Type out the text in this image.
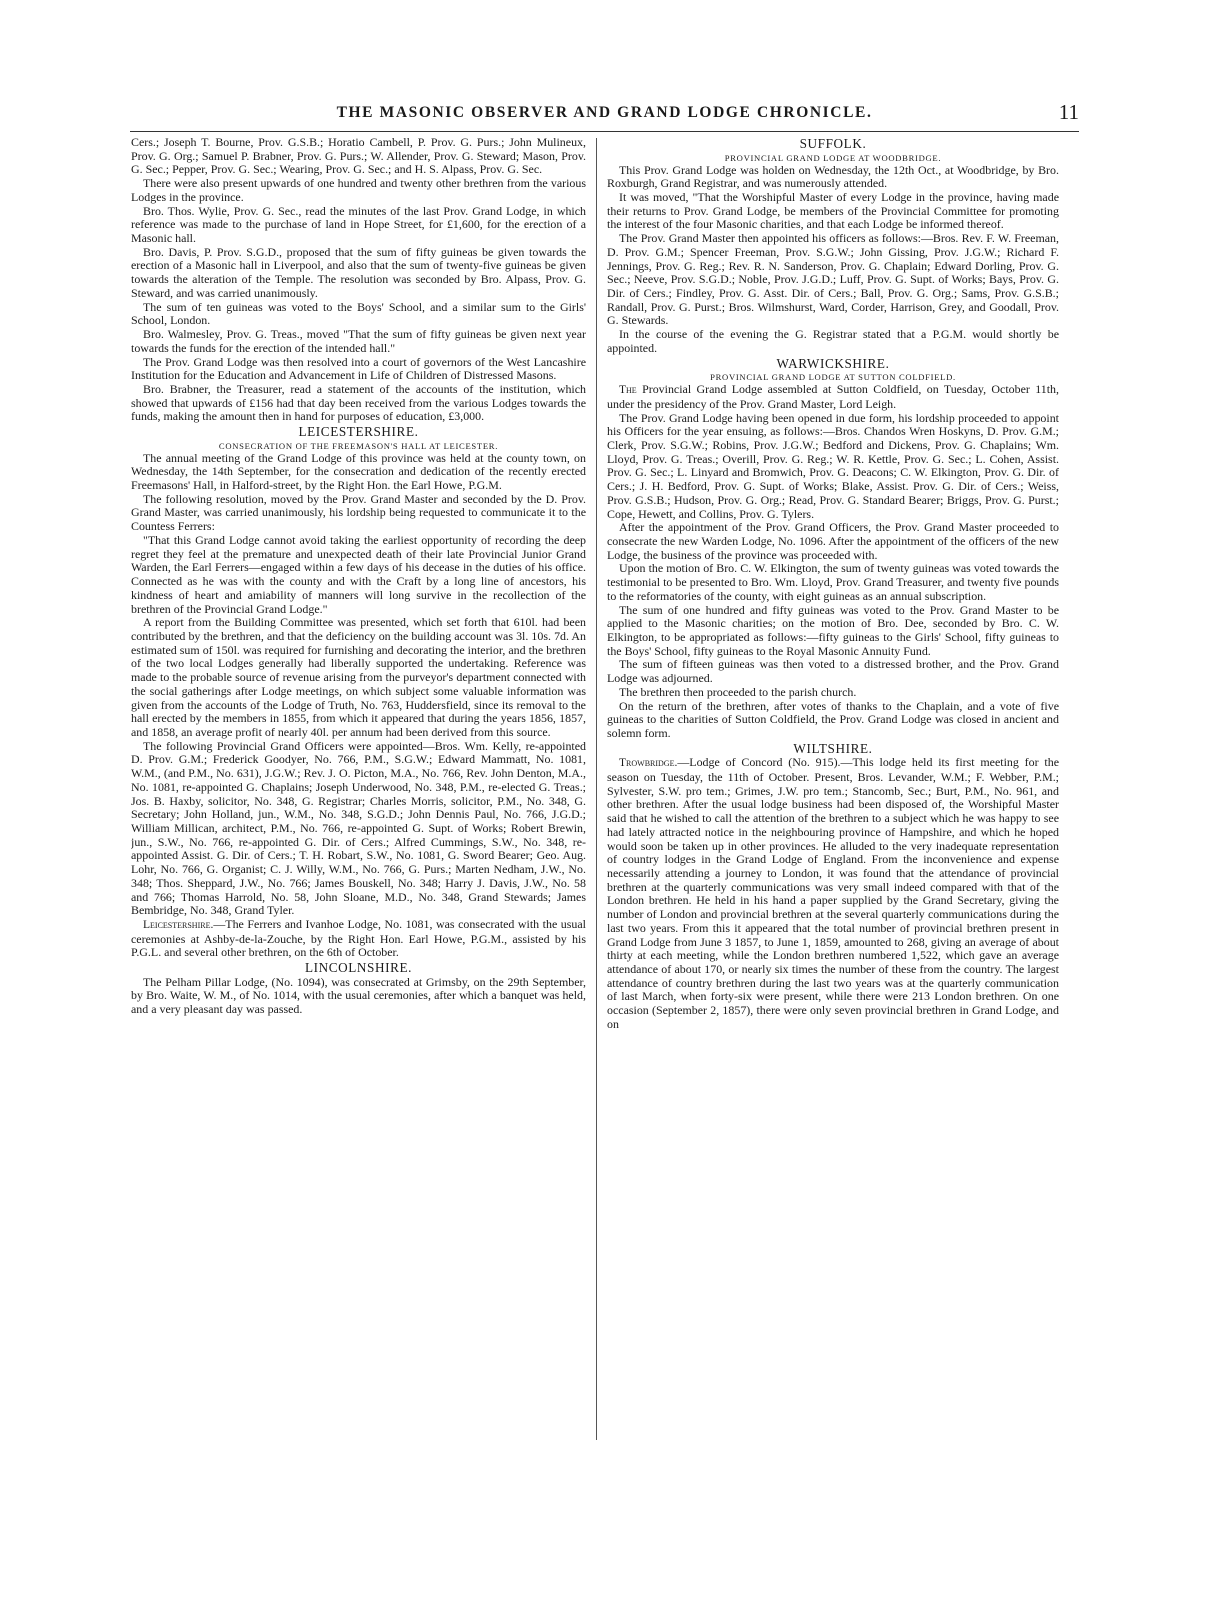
THE MASONIC OBSERVER AND GRAND LODGE CHRONICLE.	11

Cers.; Joseph T. Bourne, Prov. G.S.B.; Horatio Cambell, P. Prov. G. Purs.; John Mulineux, Prov. G. Org.; Samuel P. Brabner, Prov. G. Purs.; W. Allender, Prov. G. Steward; Mason, Prov. G. Sec.; Pepper, Prov. G. Sec.; Wearing, Prov. G. Sec.; and H. S. Alpass, Prov. G. Sec.

There were also present upwards of one hundred and twenty other brethren from the various Lodges in the province.

Bro. Thos. Wylie, Prov. G. Sec., read the minutes of the last Prov. Grand Lodge, in which reference was made to the purchase of land in Hope Street, for £1,600, for the erection of a Masonic hall.

Bro. Davis, P. Prov. S.G.D., proposed that the sum of fifty guineas be given towards the erection of a Masonic hall in Liverpool, and also that the sum of twenty-five guineas be given towards the alteration of the Temple. The resolution was seconded by Bro. Alpass, Prov. G. Steward, and was carried unanimously.

The sum of ten guineas was voted to the Boys' School, and a similar sum to the Girls' School, London.

Bro. Walmesley, Prov. G. Treas., moved "That the sum of fifty guineas be given next year towards the funds for the erection of the intended hall."

The Prov. Grand Lodge was then resolved into a court of governors of the West Lancashire Institution for the Education and Advancement in Life of Children of Distressed Masons.

Bro. Brabner, the Treasurer, read a statement of the accounts of the institution, which showed that upwards of £156 had that day been received from the various Lodges towards the funds, making the amount then in hand for purposes of education, £3,000.

LEICESTERSHIRE.
CONSECRATION OF THE FREEMASON'S HALL AT LEICESTER.

The annual meeting of the Grand Lodge of this province was held at the county town, on Wednesday, the 14th September, for the consecration and dedication of the recently erected Freemasons' Hall, in Halford-street, by the Right Hon. the Earl Howe, P.G.M.

The following resolution, moved by the Prov. Grand Master and seconded by the D. Prov. Grand Master, was carried unanimously, his lordship being requested to communicate it to the Countess Ferrers:

"That this Grand Lodge cannot avoid taking the earliest opportunity of recording the deep regret they feel at the premature and unexpected death of their late Provincial Junior Grand Warden, the Earl Ferrers—engaged within a few days of his decease in the duties of his office. Connected as he was with the county and with the Craft by a long line of ancestors, his kindness of heart and amiability of manners will long survive in the recollection of the brethren of the Provincial Grand Lodge."

A report from the Building Committee was presented, which set forth that 610l. had been contributed by the brethren, and that the deficiency on the building account was 3l. 10s. 7d. An estimated sum of 150l. was required for furnishing and decorating the interior, and the brethren of the two local Lodges generally had liberally supported the undertaking. Reference was made to the probable source of revenue arising from the purveyor's department connected with the social gatherings after Lodge meetings, on which subject some valuable information was given from the accounts of the Lodge of Truth, No. 763, Huddersfield, since its removal to the hall erected by the members in 1855, from which it appeared that during the years 1856, 1857, and 1858, an average profit of nearly 40l. per annum had been derived from this source.

The following Provincial Grand Officers were appointed—Bros. Wm. Kelly, re-appointed D. Prov. G.M.; Frederick Goodyer, No. 766, P.M., S.G.W.; Edward Mammatt, No. 1081, W.M., (and P.M., No. 631), J.G.W.; Rev. J. O. Picton, M.A., No. 766, Rev. John Denton, M.A., No. 1081, re-appointed G. Chaplains; Joseph Underwood, No. 348, P.M., re-elected G. Treas.; Jos. B. Haxby, solicitor, No. 348, G. Registrar; Charles Morris, solicitor, P.M., No. 348, G. Secretary; John Holland, jun., W.M., No. 348, S.G.D.; John Dennis Paul, No. 766, J.G.D.; William Millican, architect, P.M., No. 766, re-appointed G. Supt. of Works; Robert Brewin, jun., S.W., No. 766, re-appointed G. Dir. of Cers.; Alfred Cummings, S.W., No. 348, re-appointed Assist. G. Dir. of Cers.; T. H. Robart, S.W., No. 1081, G. Sword Bearer; Geo. Aug. Lohr, No. 766, G. Organist; C. J. Willy, W.M., No. 766, G. Purs.; Marten Nedham, J.W., No. 348; Thos. Sheppard, J.W., No. 766; James Bouskell, No. 348; Harry J. Davis, J.W., No. 58 and 766; Thomas Harrold, No. 58, John Sloane, M.D., No. 348, Grand Stewards; James Bembridge, No. 348, Grand Tyler.

Leicestershire.—The Ferrers and Ivanhoe Lodge, No. 1081, was consecrated with the usual ceremonies at Ashby-de-la-Zouche, by the Right Hon. Earl Howe, P.G.M., assisted by his P.G.L. and several other brethren, on the 6th of October.

LINCOLNSHIRE.

The Pelham Pillar Lodge, (No. 1094), was consecrated at Grimsby, on the 29th September, by Bro. Waite, W. M., of No. 1014, with the usual ceremonies, after which a banquet was held, and a very pleasant day was passed.

SUFFOLK.
PROVINCIAL GRAND LODGE AT WOODBRIDGE.

This Prov. Grand Lodge was holden on Wednesday, the 12th Oct., at Woodbridge, by Bro. Roxburgh, Grand Registrar, and was numerously attended.

It was moved, "That the Worshipful Master of every Lodge in the province, having made their returns to Prov. Grand Lodge, be members of the Provincial Committee for promoting the interest of the four Masonic charities, and that each Lodge be informed thereof.

The Prov. Grand Master then appointed his officers as follows:—Bros. Rev. F. W. Freeman, D. Prov. G.M.; Spencer Freeman, Prov. S.G.W.; John Gissing, Prov. J.G.W.; Richard F. Jennings, Prov. G. Reg.; Rev. R. N. Sanderson, Prov. G. Chaplain; Edward Dorling, Prov. G. Sec.; Neeve, Prov. S.G.D.; Noble, Prov. J.G.D.; Luff, Prov. G. Supt. of Works; Bays, Prov. G. Dir. of Cers.; Findley, Prov. G. Asst. Dir. of Cers.; Ball, Prov. G. Org.; Sams, Prov. G.S.B.; Randall, Prov. G. Purst.; Bros. Wilmshurst, Ward, Corder, Harrison, Grey, and Goodall, Prov. G. Stewards.

In the course of the evening the G. Registrar stated that a P.G.M. would shortly be appointed.

WARWICKSHIRE.
PROVINCIAL GRAND LODGE AT SUTTON COLDFIELD.

The Provincial Grand Lodge assembled at Sutton Coldfield, on Tuesday, October 11th, under the presidency of the Prov. Grand Master, Lord Leigh.

The Prov. Grand Lodge having been opened in due form, his lordship proceeded to appoint his Officers for the year ensuing, as follows:—Bros. Chandos Wren Hoskyns, D. Prov. G.M.; Clerk, Prov. S.G.W.; Robins, Prov. J.G.W.; Bedford and Dickens, Prov. G. Chaplains; Wm. Lloyd, Prov. G. Treas.; Overill, Prov. G. Reg.; W. R. Kettle, Prov. G. Sec.; L. Cohen, Assist. Prov. G. Sec.; L. Linyard and Bromwich, Prov. G. Deacons; C. W. Elkington, Prov. G. Dir. of Cers.; J. H. Bedford, Prov. G. Supt. of Works; Blake, Assist. Prov. G. Dir. of Cers.; Weiss, Prov. G.S.B.; Hudson, Prov. G. Org.; Read, Prov. G. Standard Bearer; Briggs, Prov. G. Purst.; Cope, Hewett, and Collins, Prov. G. Tylers.

After the appointment of the Prov. Grand Officers, the Prov. Grand Master proceeded to consecrate the new Warden Lodge, No. 1096. After the appointment of the officers of the new Lodge, the business of the province was proceeded with.

Upon the motion of Bro. C. W. Elkington, the sum of twenty guineas was voted towards the testimonial to be presented to Bro. Wm. Lloyd, Prov. Grand Treasurer, and twenty five pounds to the reformatories of the county, with eight guineas as an annual subscription.

The sum of one hundred and fifty guineas was voted to the Prov. Grand Master to be applied to the Masonic charities; on the motion of Bro. Dee, seconded by Bro. C. W. Elkington, to be appropriated as follows:—fifty guineas to the Girls' School, fifty guineas to the Boys' School, fifty guineas to the Royal Masonic Annuity Fund.

The sum of fifteen guineas was then voted to a distressed brother, and the Prov. Grand Lodge was adjourned.

The brethren then proceeded to the parish church.

On the return of the brethren, after votes of thanks to the Chaplain, and a vote of five guineas to the charities of Sutton Coldfield, the Prov. Grand Lodge was closed in ancient and solemn form.

WILTSHIRE.

Trowbridge.—Lodge of Concord (No. 915).—This lodge held its first meeting for the season on Tuesday, the 11th of October. Present, Bros. Levander, W.M.; F. Webber, P.M.; Sylvester, S.W. pro tem.; Grimes, J.W. pro tem.; Stancomb, Sec.; Burt, P.M., No. 961, and other brethren. After the usual lodge business had been disposed of, the Worshipful Master said that he wished to call the attention of the brethren to a subject which he was happy to see had lately attracted notice in the neighbouring province of Hampshire, and which he hoped would soon be taken up in other provinces. He alluded to the very inadequate representation of country lodges in the Grand Lodge of England. From the inconvenience and expense necessarily attending a journey to London, it was found that the attendance of provincial brethren at the quarterly communications was very small indeed compared with that of the London brethren. He held in his hand a paper supplied by the Grand Secretary, giving the number of London and provincial brethren at the several quarterly communications during the last two years. From this it appeared that the total number of provincial brethren present in Grand Lodge from June 3 1857, to June 1, 1859, amounted to 268, giving an average of about thirty at each meeting, while the London brethren numbered 1,522, which gave an average attendance of about 170, or nearly six times the number of these from the country. The largest attendance of country brethren during the last two years was at the quarterly communication of last March, when forty-six were present, while there were 213 London brethren. On one occasion (September 2, 1857), there were only seven provincial brethren in Grand Lodge, and on
